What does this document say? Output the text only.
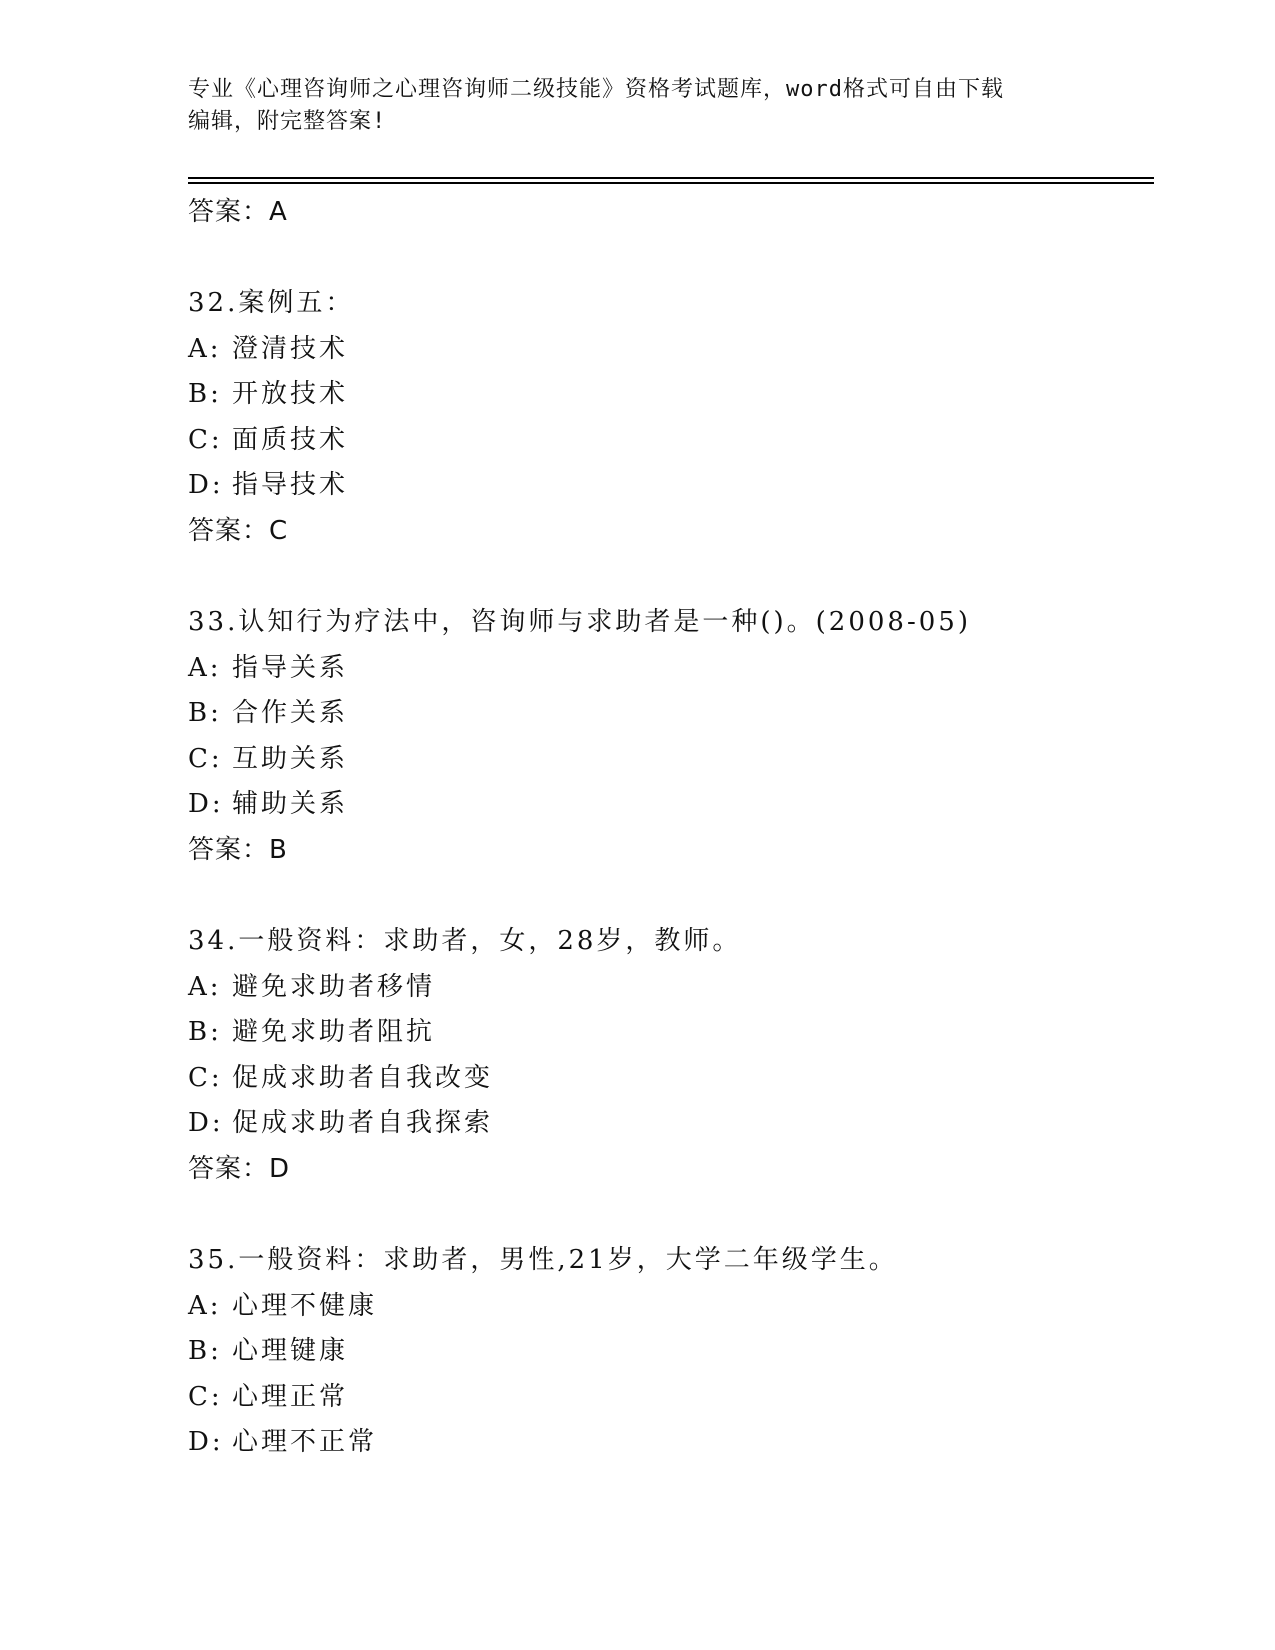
专业《心理咨询师之心理咨询师二级技能》资格考试题库，word格式可自由下载
编辑，附完整答案!
答案：A
32.案例五：
A: 澄清技术
B: 开放技术
C: 面质技术
D: 指导技术
答案：C
33.认知行为疗法中，咨询师与求助者是一种()。(2008-05)
A: 指导关系
B: 合作关系
C: 互助关系
D: 辅助关系
答案：B
34.一般资料：求助者，女，28岁，教师。
A: 避免求助者移情
B: 避免求助者阻抗
C: 促成求助者自我改变
D: 促成求助者自我探索
答案：D
35.一般资料：求助者，男性,21岁，大学二年级学生。
A: 心理不健康
B: 心理键康
C: 心理正常
D: 心理不正常
